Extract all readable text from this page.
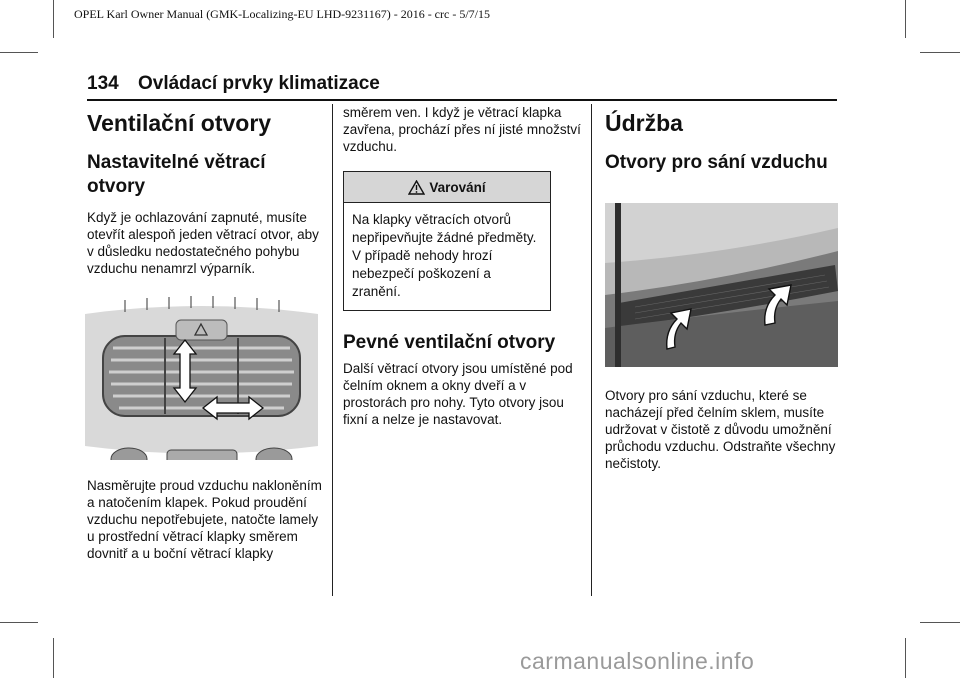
OPEL Karl Owner Manual (GMK-Localizing-EU LHD-9231167) - 2016 - crc - 5/7/15
134 Ovládací prvky klimatizace
Ventilační otvory
Nastavitelné větrací otvory

Když je ochlazování zapnuté, musíte otevřít alespoň jeden větrací otvor, aby v důsledku nedostatečného pohybu vzduchu nenamrzl výparník.

Nasměrujte proud vzduchu nakloněním a natočením klapek. Pokud proudění vzduchu nepotřebujete, natočte lamely u prostřední větrací klapky směrem dovnitř a u boční větrací klapky

směrem ven. I když je větrací klapka zavřena, prochází přes ní jisté množství vzduchu.

Varování

Na klapky větracích otvorů nepřipevňujte žádné předměty. V případě nehody hrozí nebezpečí poškození a zranění.

Pevné ventilační otvory

Další větrací otvory jsou umístěné pod čelním oknem a okny dveří a v prostorách pro nohy. Tyto otvory jsou fixní a nelze je nastavovat.

Údržba
Otvory pro sání vzduchu

Otvory pro sání vzduchu, které se nacházejí před čelním sklem, musíte udržovat v čistotě z důvodu umožnění průchodu vzduchu. Odstraňte všechny nečistoty.

carmanualsonline.info
